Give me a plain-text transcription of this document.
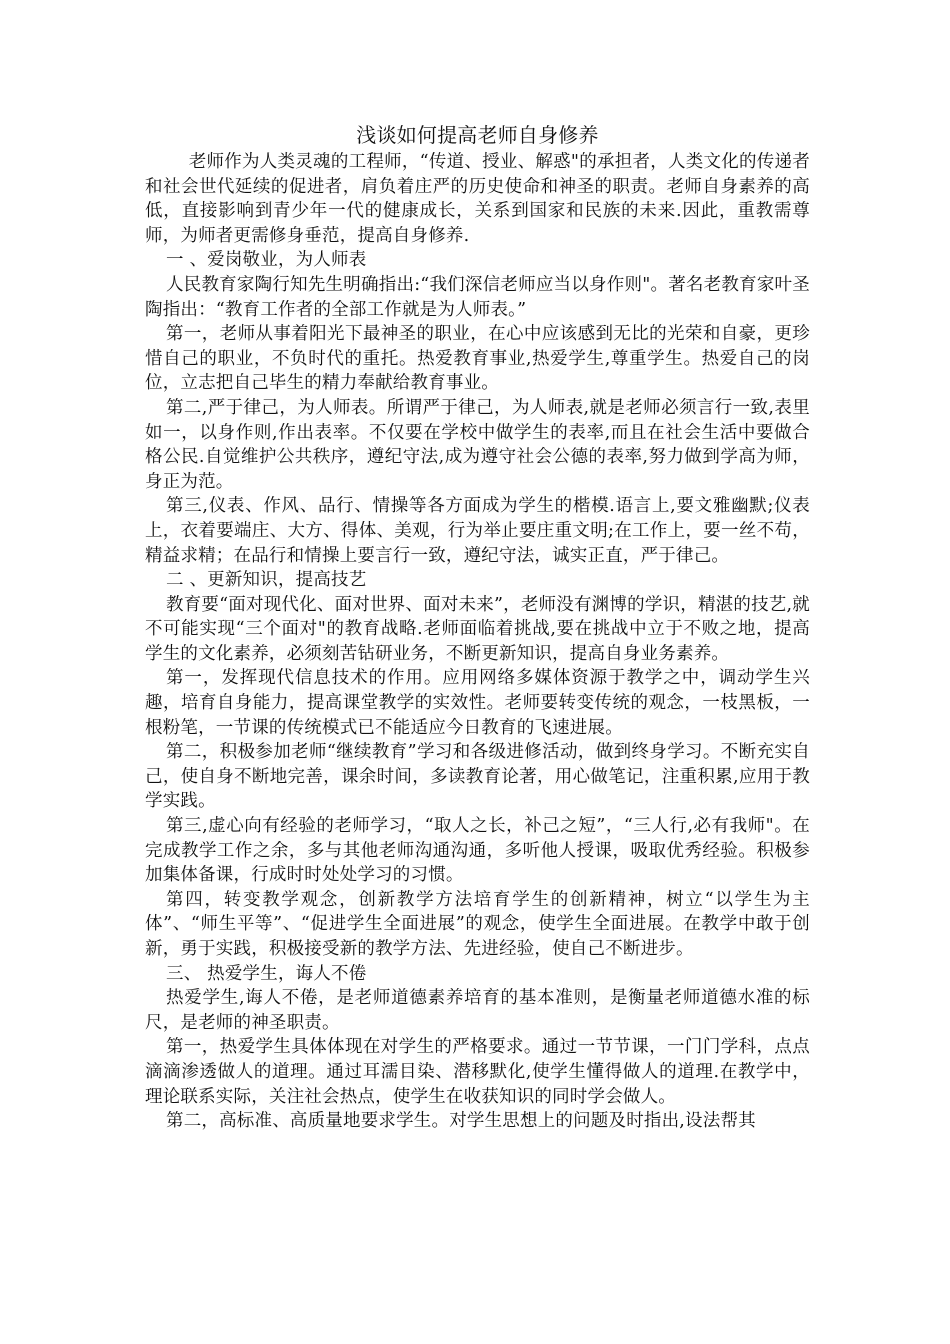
浅谈如何提高老师自身修养

老师作为人类灵魂的工程师，“传道、授业、解惑"的承担者，人类文化的传递者和社会世代延续的促进者，肩负着庄严的历史使命和神圣的职责。老师自身素养的高低，直接影响到青少年一代的健康成长，关系到国家和民族的未来.因此，重教需尊师，为师者更需修身垂范，提高自身修养.

一 、爱岗敬业，为人师表

人民教育家陶行知先生明确指出:“我们深信老师应当以身作则"。著名老教育家叶圣陶指出：“教育工作者的全部工作就是为人师表。”

第一，老师从事着阳光下最神圣的职业，在心中应该感到无比的光荣和自豪，更珍惜自己的职业，不负时代的重托。热爱教育事业,热爱学生,尊重学生。热爱自己的岗位，立志把自己毕生的精力奉献给教育事业。

第二,严于律己，为人师表。所谓严于律己，为人师表,就是老师必须言行一致,表里如一，以身作则,作出表率。不仅要在学校中做学生的表率,而且在社会生活中要做合格公民.自觉维护公共秩序，遵纪守法,成为遵守社会公德的表率,努力做到学高为师，身正为范。

第三,仪表、作风、品行、情操等各方面成为学生的楷模.语言上,要文雅幽默;仪表上，衣着要端庄、大方、得体、美观，行为举止要庄重文明;在工作上，要一丝不苟，精益求精；在品行和情操上要言行一致，遵纪守法，诚实正直，严于律己。

二 、更新知识，提高技艺

教育要“面对现代化、面对世界、面对未来”，老师没有渊博的学识，精湛的技艺,就不可能实现“三个面对"的教育战略.老师面临着挑战,要在挑战中立于不败之地，提高学生的文化素养，必须刻苦钻研业务，不断更新知识，提高自身业务素养。

第一，发挥现代信息技术的作用。应用网络多媒体资源于教学之中，调动学生兴趣，培育自身能力，提高课堂教学的实效性。老师要转变传统的观念，一枝黑板，一根粉笔，一节课的传统模式已不能适应今日教育的飞速进展。

第二，积极参加老师“继续教育”学习和各级进修活动，做到终身学习。不断充实自己，使自身不断地完善，课余时间，多读教育论著，用心做笔记，注重积累,应用于教学实践。

第三,虚心向有经验的老师学习，“取人之长，补己之短”，“三人行,必有我师"。在完成教学工作之余，多与其他老师沟通沟通，多听他人授课，吸取优秀经验。积极参加集体备课，行成时时处处学习的习惯。

第四，转变教学观念，创新教学方法培育学生的创新精神，树立“以学生为主体”、“师生平等”、“促进学生全面进展”的观念，使学生全面进展。在教学中敢于创新，勇于实践，积极接受新的教学方法、先进经验，使自己不断进步。

三、 热爱学生，诲人不倦

热爱学生,诲人不倦，是老师道德素养培育的基本准则，是衡量老师道德水准的标尺，是老师的神圣职责。

第一，热爱学生具体体现在对学生的严格要求。通过一节节课，一门门学科，点点滴滴渗透做人的道理。通过耳濡目染、潜移默化,使学生懂得做人的道理.在教学中，理论联系实际，关注社会热点，使学生在收获知识的同时学会做人。

第二，高标准、高质量地要求学生。对学生思想上的问题及时指出,设法帮其
